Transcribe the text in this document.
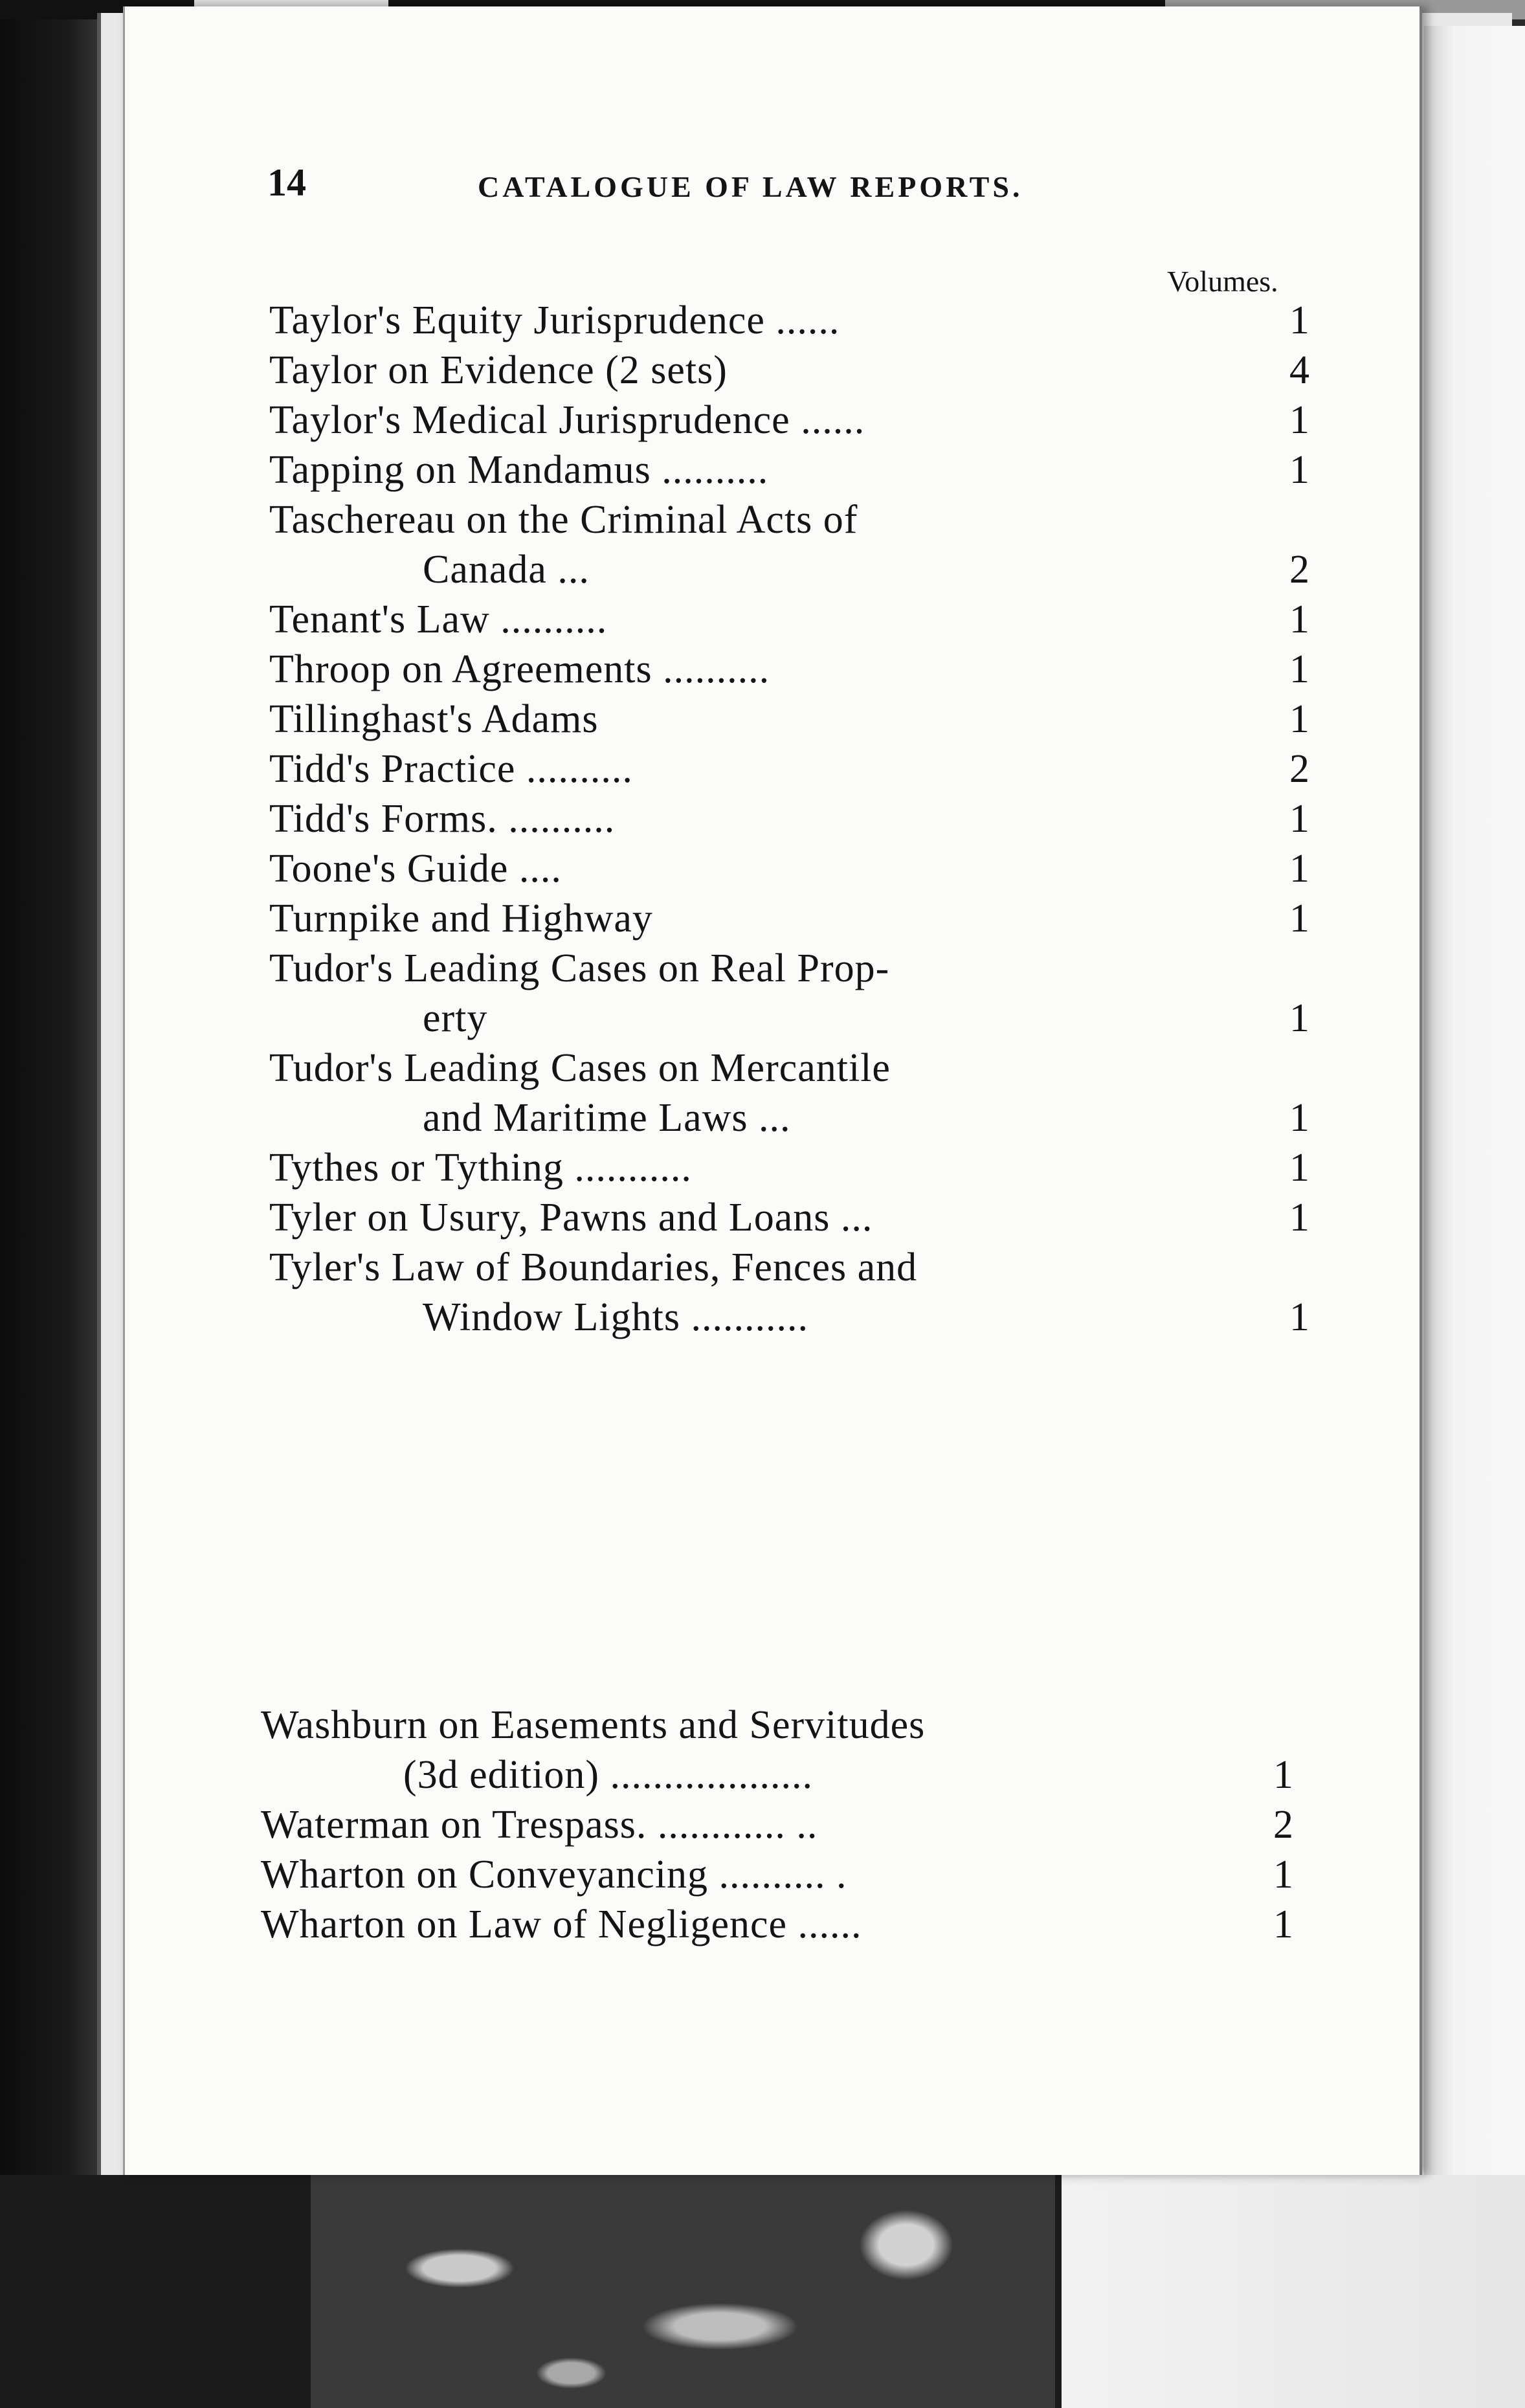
14	CATALOGUE OF LAW REPORTS.
Volumes.
Taylor's Equity Jurisprudence ......	1
Taylor on Evidence (2 sets)	4
Taylor's Medical Jurisprudence ......	1
Tapping on Mandamus ..........	1
Taschereau on the Criminal Acts of
Canada ...	2
Tenant's Law ..........	1
Throop on Agreements ..........	1
Tillinghast's Adams	1
Tidd's Practice ..........	2
Tidd's Forms. ..........	1
Toone's Guide ....	1
Turnpike and Highway	1
Tudor's Leading Cases on Real Prop-
erty	1
Tudor's Leading Cases on Mercantile
and Maritime Laws ...	1
Tythes or Tything ...........	1
Tyler on Usury, Pawns and Loans ...	1
Tyler's Law of Boundaries, Fences and
Window Lights ...........	1
Washburn on Easements and Servitudes
(3d edition) ...................	1
Waterman on Trespass. ............ ..	2
Wharton on Conveyancing .......... .	1
Wharton on Law of Negligence ......	1
